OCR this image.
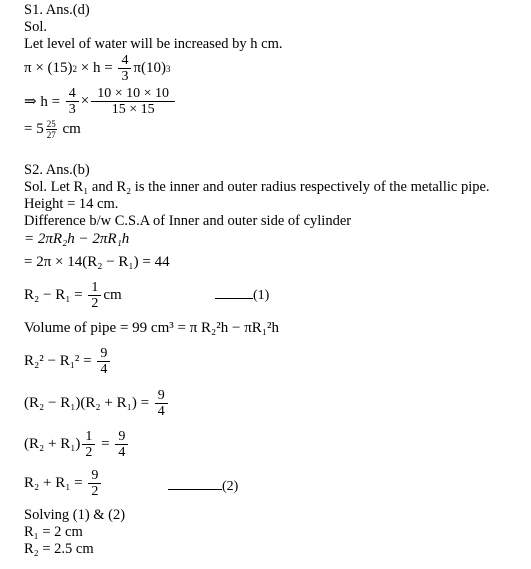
S1. Ans.(d)
Sol.
Let level of water will be increased by h cm.
π × (15) $2 \times h = \frac{4}{3} \pi(10)$ 3
⇒ $h = \frac{4}{3} \times \frac{10 \times 10 \times 10}{15 \times 15}$
= $5 \frac{25}{27}$ cm
S2. Ans.(b)
Sol. Let R₁ and R₂ is the inner and outer radius respectively of the metallic pipe.
Height = 14 cm.
Difference b/w C.S.A of Inner and outer side of cylinder
= 2πR₂h − 2πR₁h
= 2π × 14(R₂ − R₁) = 44
$R_2 - R_1 = \frac{1}{2}$ cm	(1)
Volume of pipe = 99 cm³ = π R₂²h − πR₁²h
$R_2^2 - R_1^2 = \frac{9}{4}$
$(R_2 - R_1)(R_2 + R_1) = \frac{9}{4}$
$(R_2 + R_1) \frac{1}{2} = \frac{9}{4}$
$R_2 + R_1 = \frac{9}{2}$	(2)
Solving (1) & (2)
R₁ = 2 cm
R₂ = 2.5 cm
